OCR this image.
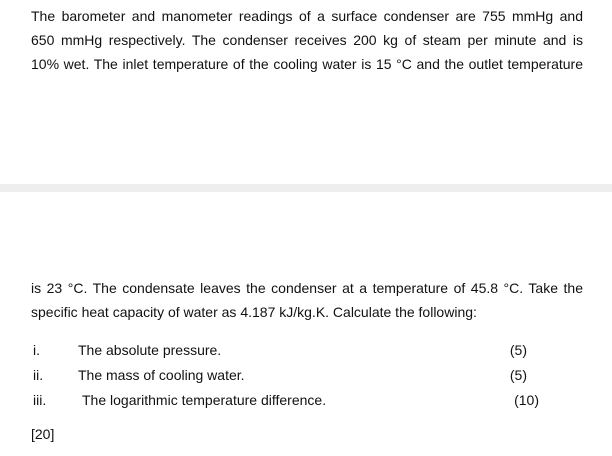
The barometer and manometer readings of a surface condenser are 755 mmHg and
650 mmHg respectively. The condenser receives 200 kg of steam per minute and is
10% wet. The inlet temperature of the cooling water is 15 °C and the outlet temperature
is 23 °C. The condensate leaves the condenser at a temperature of 45.8 °C. Take the
specific heat capacity of water as 4.187 kJ/kg.K. Calculate the following:
i.	The absolute pressure.	(5)
ii. The mass of cooling water.	(5)
iii.	The logarithmic temperature difference.	(10)
[20]
